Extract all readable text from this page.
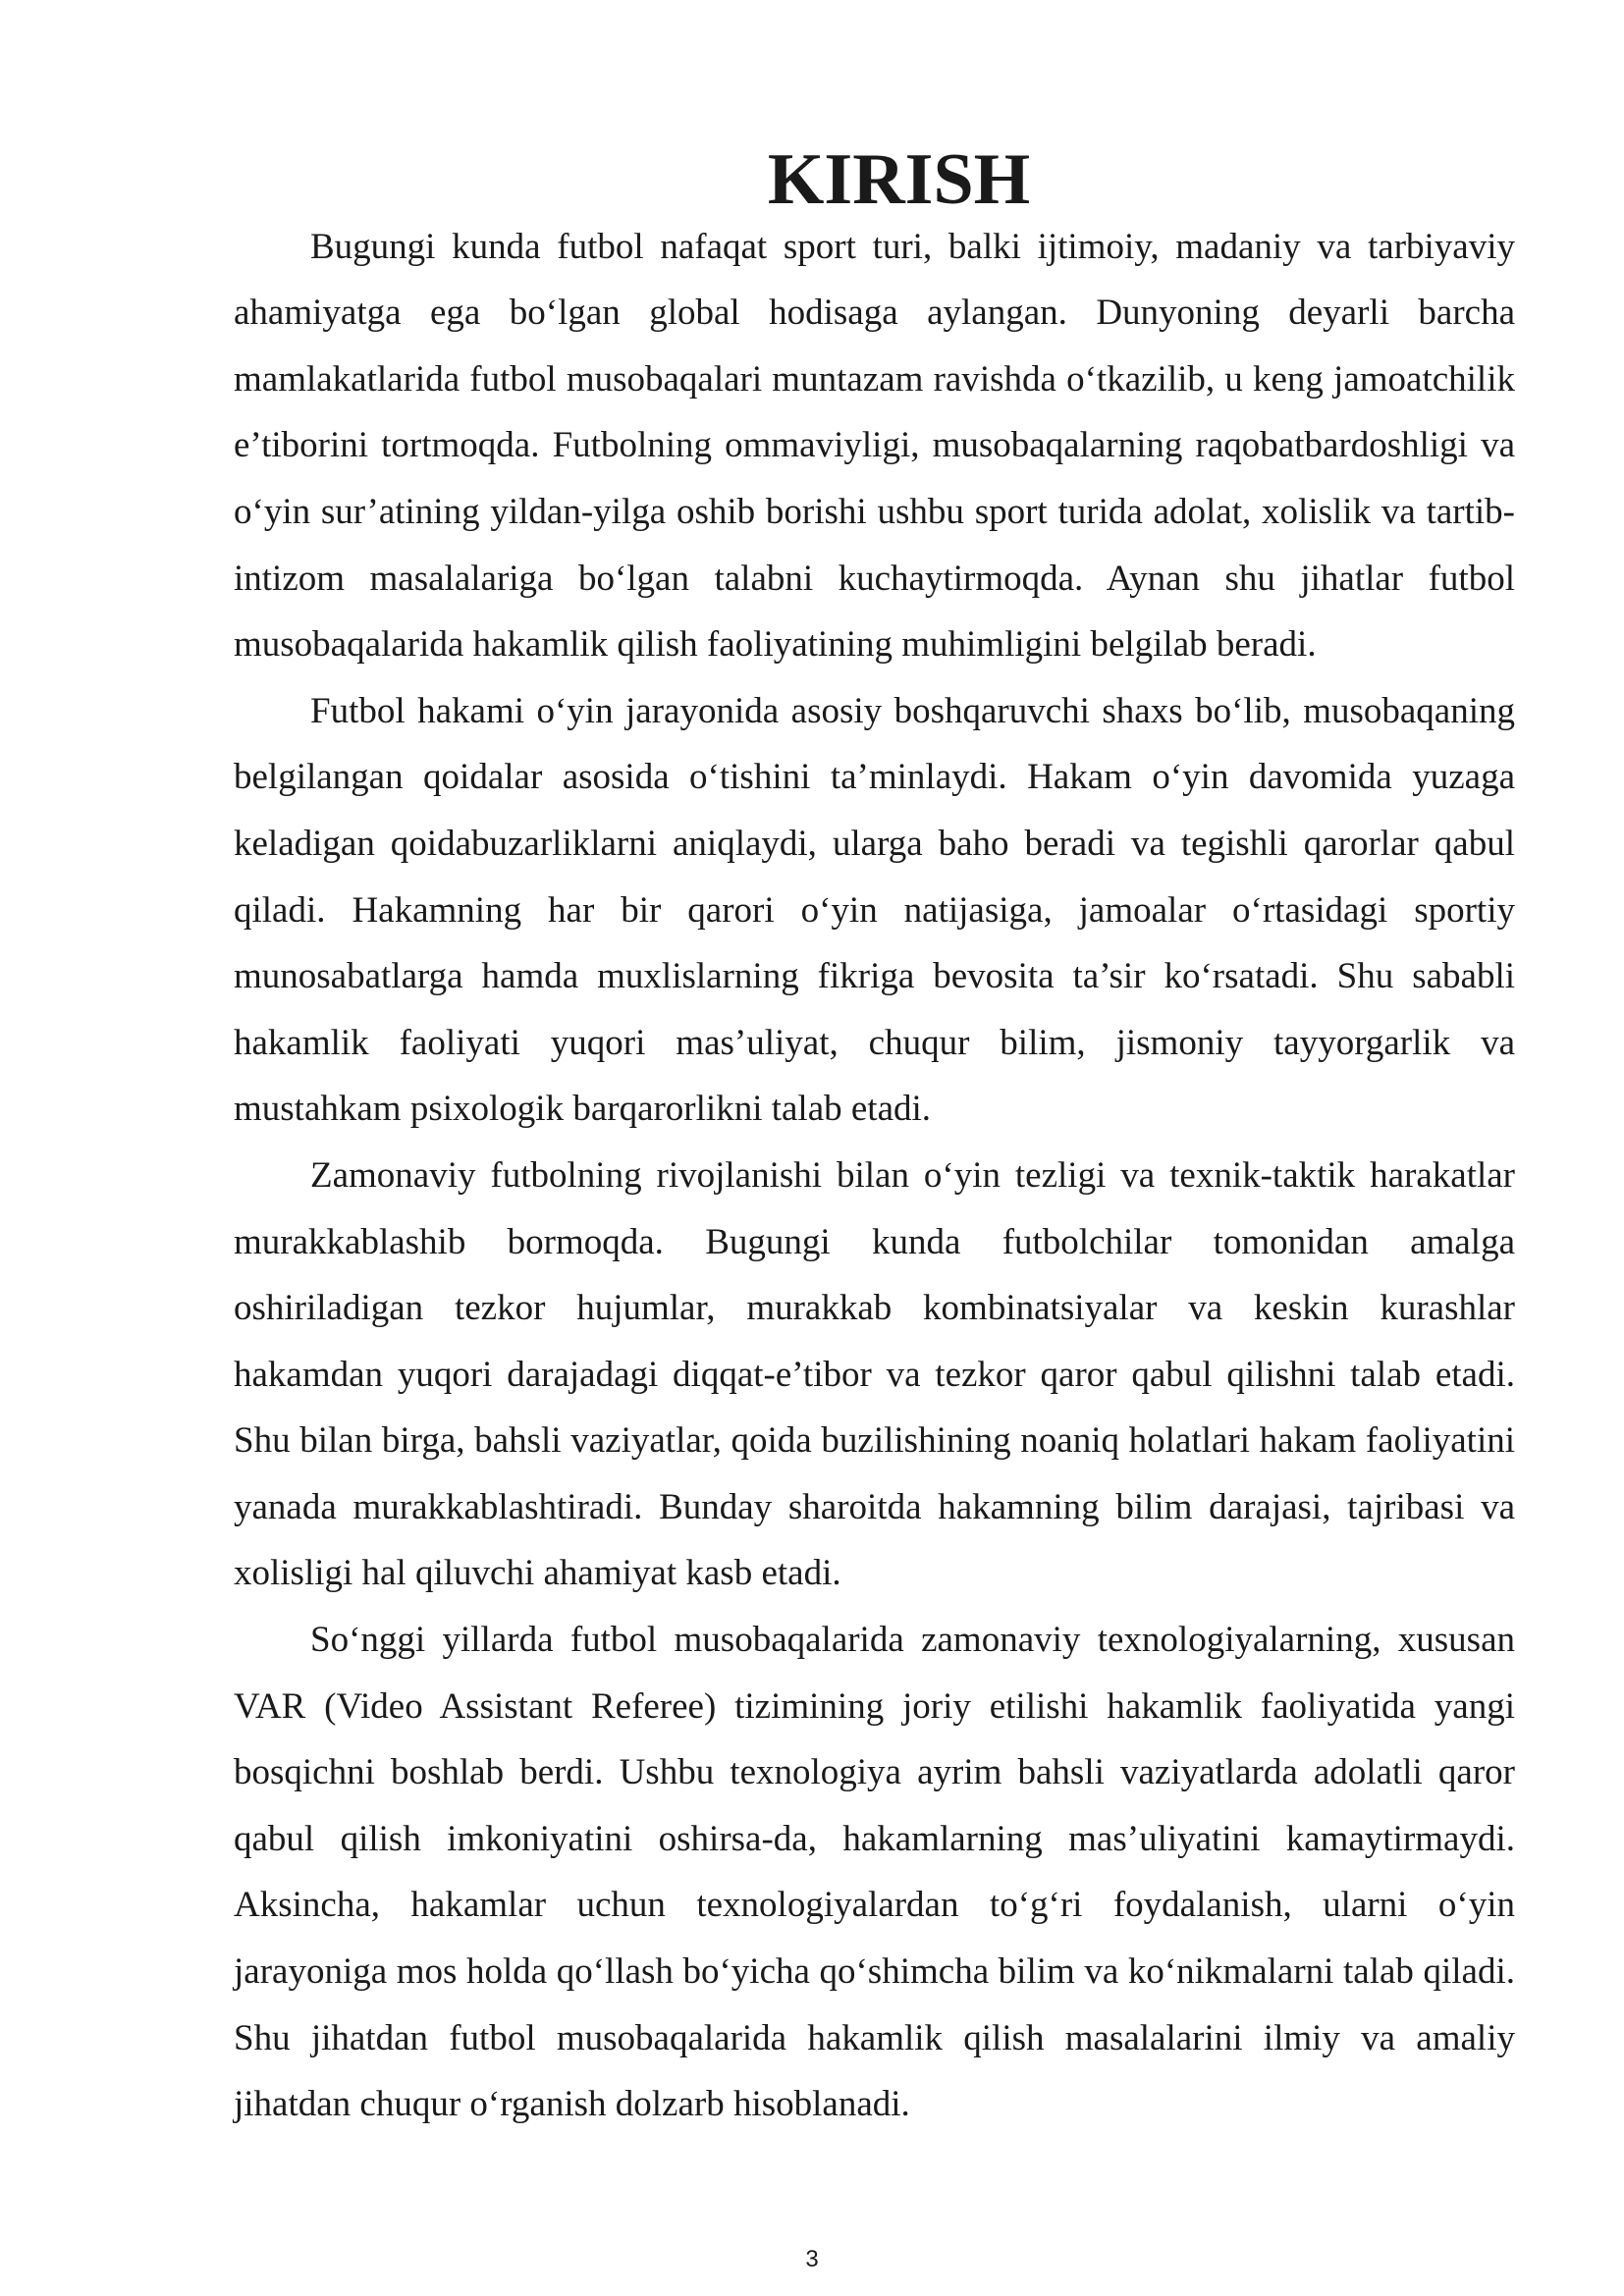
KIRISH

Bugungi kunda futbol nafaqat sport turi, balki ijtimoiy, madaniy va tarbiyaviy ahamiyatga ega bo‘lgan global hodisaga aylangan. Dunyoning deyarli barcha mamlakatlarida futbol musobaqalari muntazam ravishda o‘tkazilib, u keng jamoatchilik e’tiborini tortmoqda. Futbolning ommaviyligi, musobaqalarning raqobatbardoshligi va o‘yin sur’atining yildan-yilga oshib borishi ushbu sport turida adolat, xolislik va tartib-intizom masalalariga bo‘lgan talabni kuchaytirmoqda. Aynan shu jihatlar futbol musobaqalarida hakamlik qilish faoliyatining muhimligini belgilab beradi.

Futbol hakami o‘yin jarayonida asosiy boshqaruvchi shaxs bo‘lib, musobaqaning belgilangan qoidalar asosida o‘tishini ta’minlaydi. Hakam o‘yin davomida yuzaga keladigan qoidabuzarliklarni aniqlaydi, ularga baho beradi va tegishli qarorlar qabul qiladi. Hakamning har bir qarori o‘yin natijasiga, jamoalar o‘rtasidagi sportiy munosabatlarga hamda muxlislarning fikriga bevosita ta’sir ko‘rsatadi. Shu sababli hakamlik faoliyati yuqori mas’uliyat, chuqur bilim, jismoniy tayyorgarlik va mustahkam psixologik barqarorlikni talab etadi.

Zamonaviy futbolning rivojlanishi bilan o‘yin tezligi va texnik-taktik harakatlar murakkablashib bormoqda. Bugungi kunda futbolchilar tomonidan amalga oshiriladigan tezkor hujumlar, murakkab kombinatsiyalar va keskin kurashlar hakamdan yuqori darajadagi diqqat-e’tibor va tezkor qaror qabul qilishni talab etadi. Shu bilan birga, bahsli vaziyatlar, qoida buzilishining noaniq holatlari hakam faoliyatini yanada murakkablashtiradi. Bunday sharoitda hakamning bilim darajasi, tajribasi va xolisligi hal qiluvchi ahamiyat kasb etadi.

So‘nggi yillarda futbol musobaqalarida zamonaviy texnologiyalarning, xususan VAR (Video Assistant Referee) tizimining joriy etilishi hakamlik faoliyatida yangi bosqichni boshlab berdi. Ushbu texnologiya ayrim bahsli vaziyatlarda adolatli qaror qabul qilish imkoniyatini oshirsa-da, hakamlarning mas’uliyatini kamaytirmaydi. Aksincha, hakamlar uchun texnologiyalardan to‘g‘ri foydalanish, ularni o‘yin jarayoniga mos holda qo‘llash bo‘yicha qo‘shimcha bilim va ko‘nikmalarni talab qiladi. Shu jihatdan futbol musobaqalarida hakamlik qilish masalalarini ilmiy va amaliy jihatdan chuqur o‘rganish dolzarb hisoblanadi.

3
